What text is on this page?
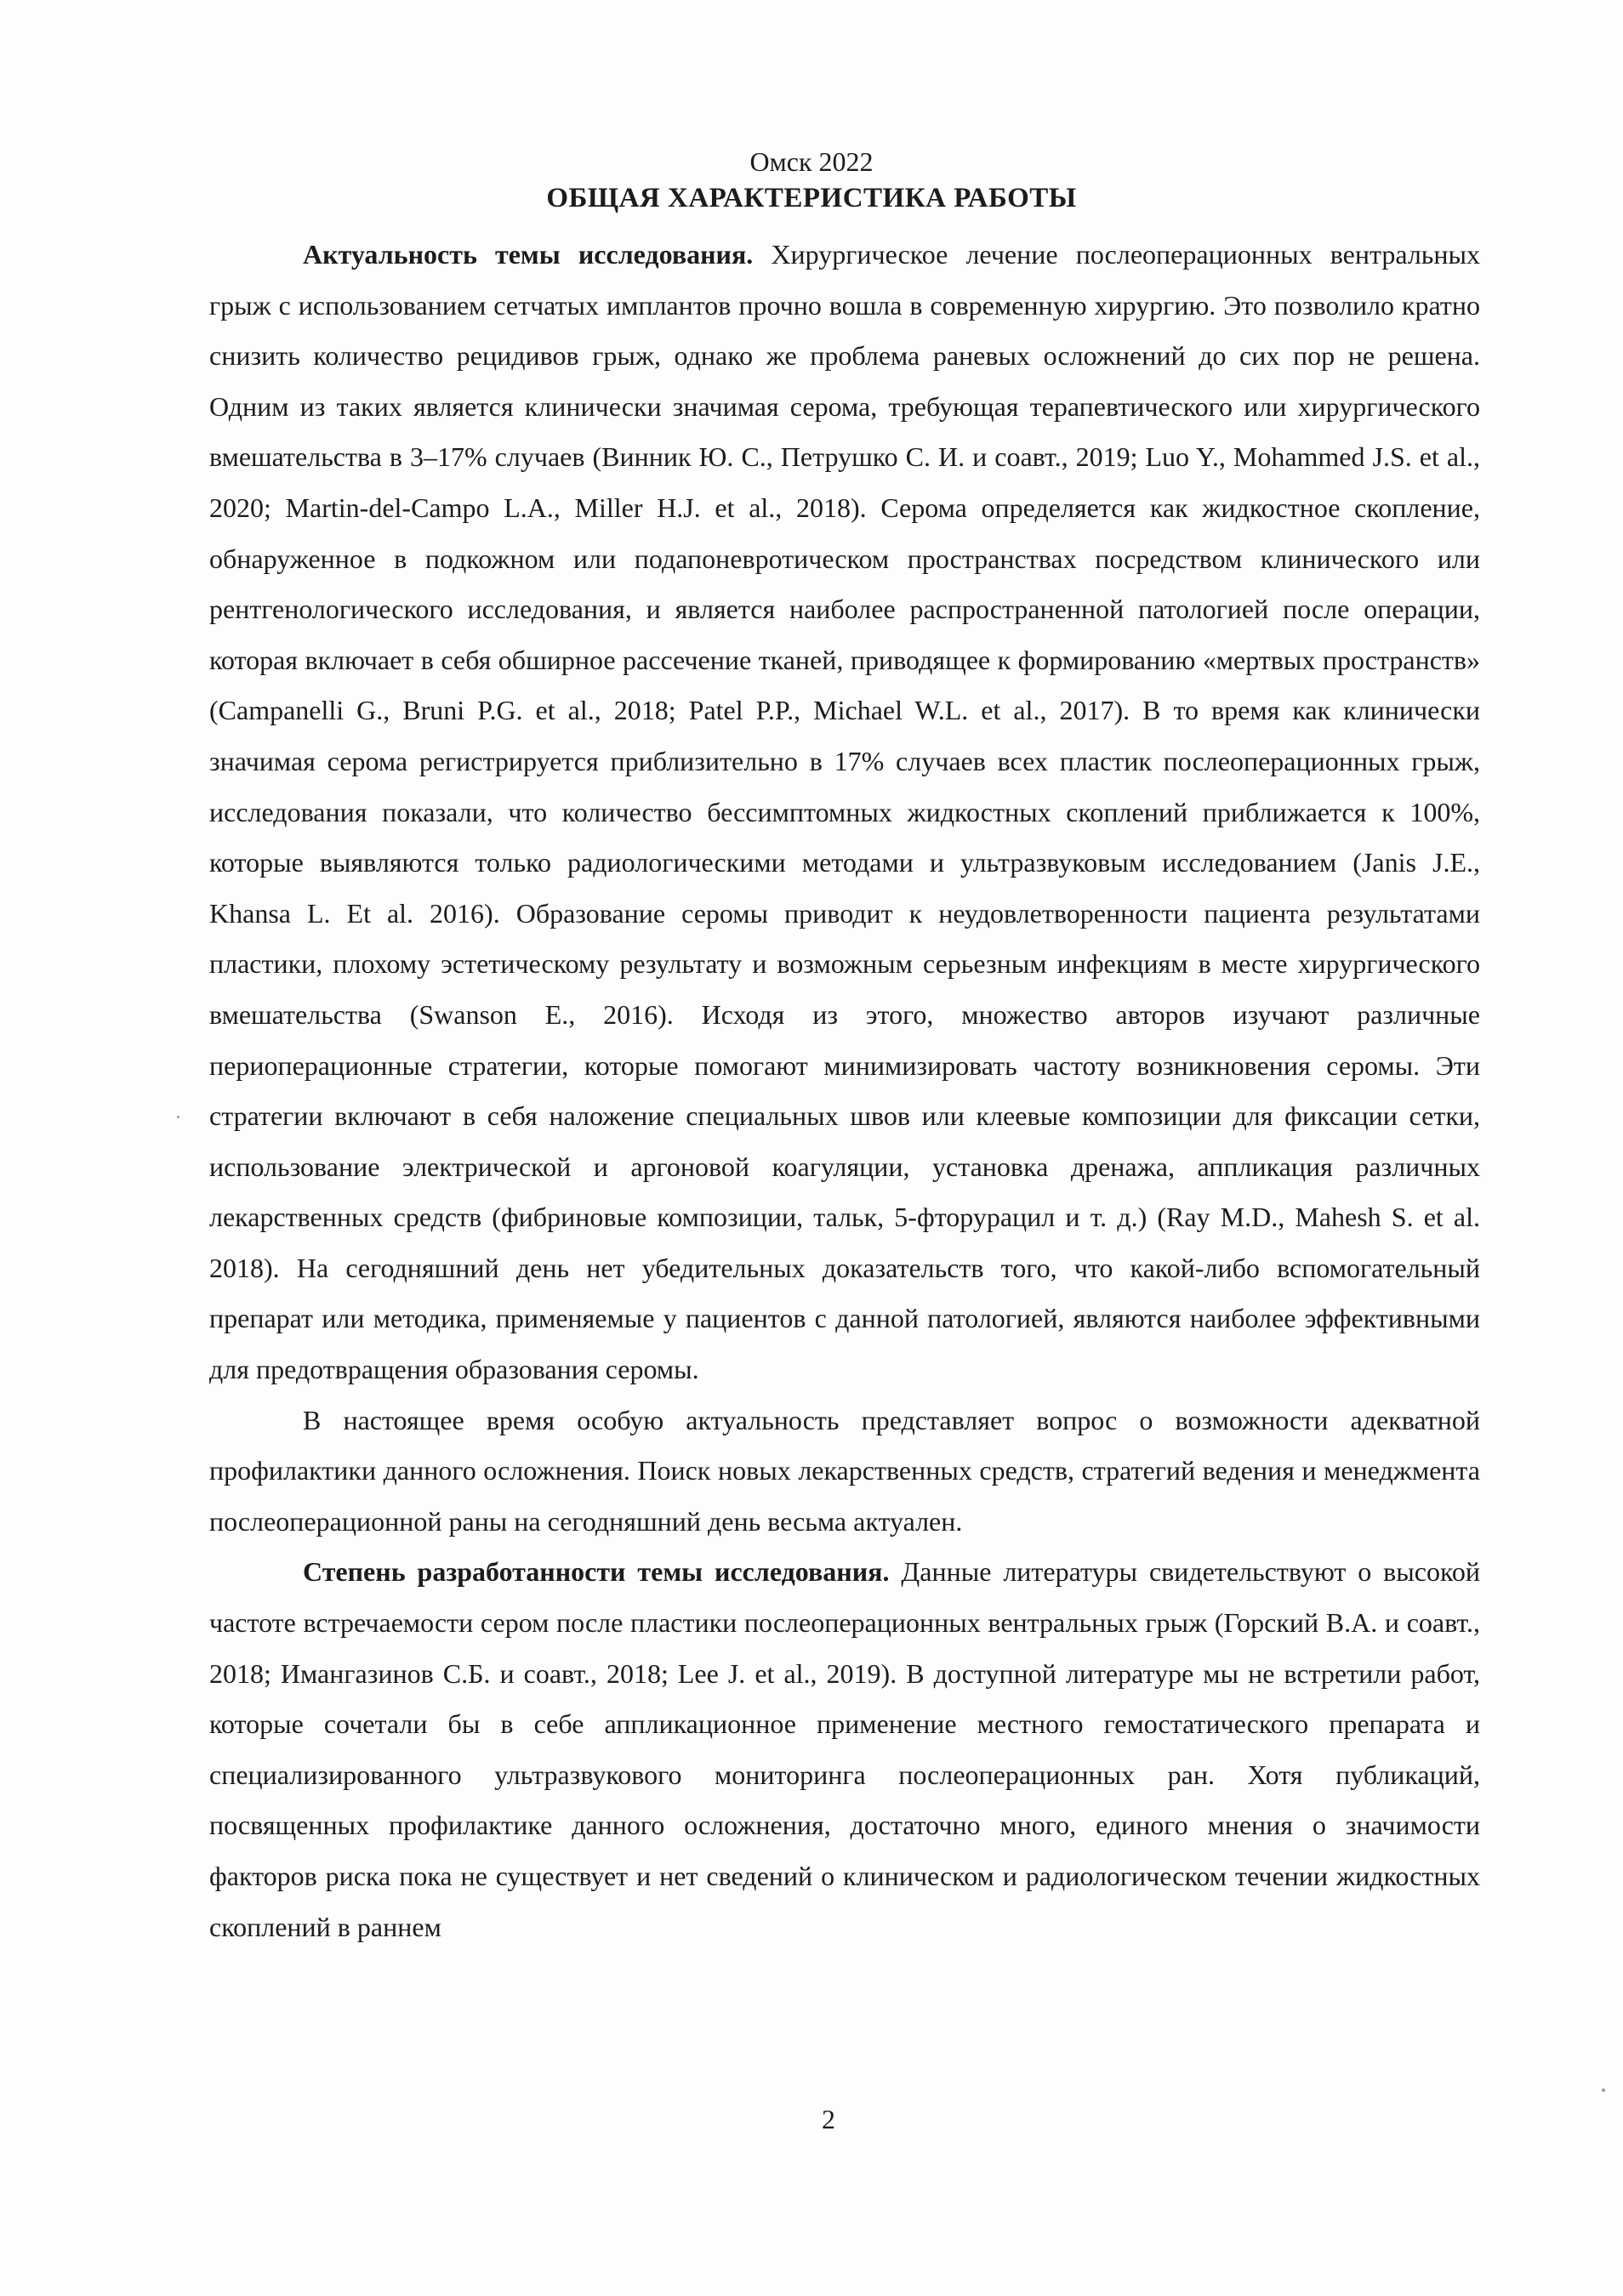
Омск 2022
ОБЩАЯ ХАРАКТЕРИСТИКА РАБОТЫ

Актуальность темы исследования. Хирургическое лечение послеоперационных вентральных грыж с использованием сетчатых имплантов прочно вошла в современную хирургию. Это позволило кратно снизить количество рецидивов грыж, однако же проблема раневых осложнений до сих пор не решена. Одним из таких является клинически значимая серома, требующая терапевтического или хирургического вмешательства в 3–17% случаев (Винник Ю. С., Петрушко С. И. и соавт., 2019; Luo Y., Mohammed J.S. et al., 2020; Martin-del-Campo L.A., Miller H.J. et al., 2018). Серома определяется как жидкостное скопление, обнаруженное в подкожном или подапоневротическом пространствах посредством клинического или рентгенологического исследования, и является наиболее распространенной патологией после операции, которая включает в себя обширное рассечение тканей, приводящее к формированию «мертвых пространств» (Campanelli G., Bruni P.G. et al., 2018; Patel P.P., Michael W.L. et al., 2017). В то время как клинически значимая серома регистрируется приблизительно в 17% случаев всех пластик послеоперационных грыж, исследования показали, что количество бессимптомных жидкостных скоплений приближается к 100%, которые выявляются только радиологическими методами и ультразвуковым исследованием (Janis J.E., Khansa L. Et al. 2016). Образование серомы приводит к неудовлетворенности пациента результатами пластики, плохому эстетическому результату и возможным серьезным инфекциям в месте хирургического вмешательства (Swanson E., 2016). Исходя из этого, множество авторов изучают различные периоперационные стратегии, которые помогают минимизировать частоту возникновения серомы. Эти стратегии включают в себя наложение специальных швов или клеевые композиции для фиксации сетки, использование электрической и аргоновой коагуляции, установка дренажа, аппликация различных лекарственных средств (фибриновые композиции, тальк, 5-фторурацил и т. д.) (Ray M.D., Mahesh S. et al. 2018). На сегодняшний день нет убедительных доказательств того, что какой-либо вспомогательный препарат или методика, применяемые у пациентов с данной патологией, являются наиболее эффективными для предотвращения образования серомы.

В настоящее время особую актуальность представляет вопрос о возможности адекватной профилактики данного осложнения. Поиск новых лекарственных средств, стратегий ведения и менеджмента послеоперационной раны на сегодняшний день весьма актуален.

Степень разработанности темы исследования. Данные литературы свидетельствуют о высокой частоте встречаемости сером после пластики послеоперационных вентральных грыж (Горский В.А. и соавт., 2018; Имангазинов С.Б. и соавт., 2018; Lee J. et al., 2019). В доступной литературе мы не встретили работ, которые сочетали бы в себе аппликационное применение местного гемостатического препарата и специализированного ультразвукового мониторинга послеоперационных ран. Хотя публикаций, посвященных профилактике данного осложнения, достаточно много, единого мнения о значимости факторов риска пока не существует и нет сведений о клиническом и радиологическом течении жидкостных скоплений в раннем

2
